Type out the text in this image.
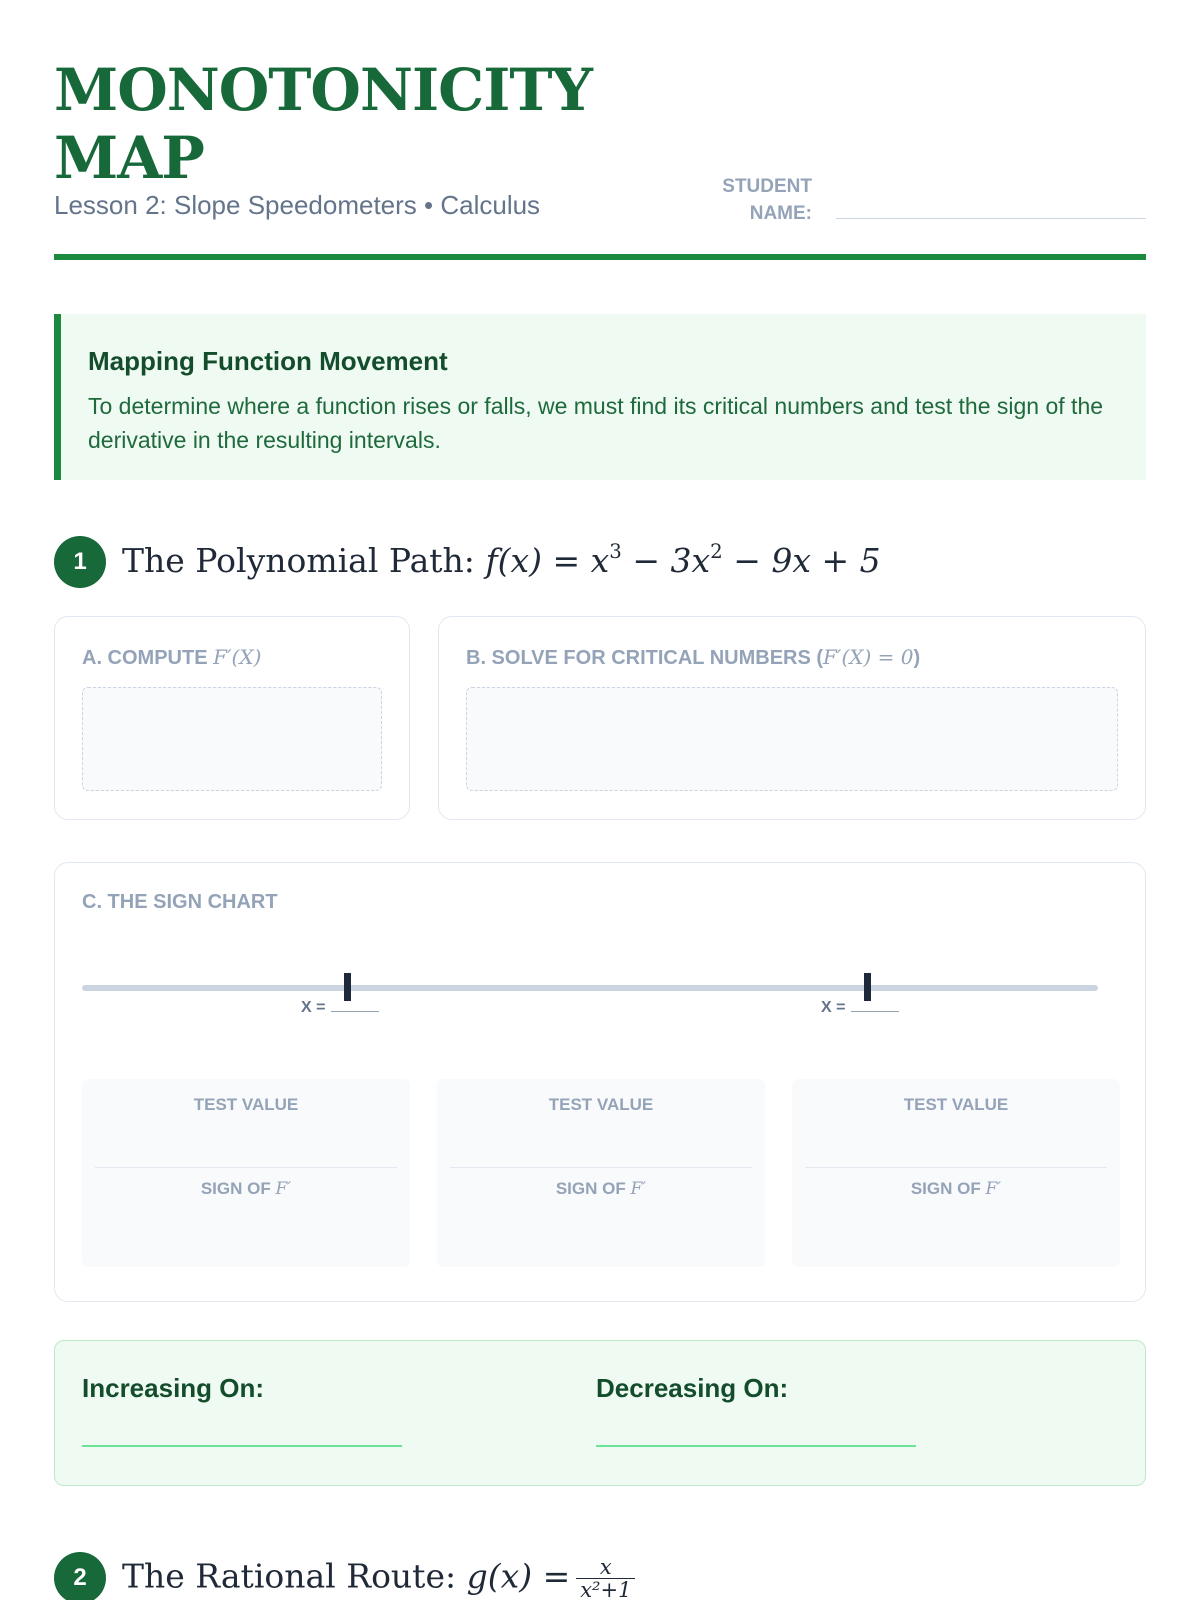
MONOTONICITY
MAP
Lesson 2: Slope Speedometers • Calculus
STUDENT
NAME:
Mapping Function Movement
To determine where a function rises or falls, we must find its critical numbers and test the sign of the derivative in the resulting intervals.
1	The Polynomial Path: $f(x) = x^3 - 3x^2 - 9x + 5$
A. COMPUTE F′(X)	B. SOLVE FOR CRITICAL NUMBERS (F′(X) = 0)
C. THE SIGN CHART
X =	X =
TEST VALUE
SIGN OF F′
TEST VALUE
SIGN OF F′
TEST VALUE
SIGN OF F′
Increasing On:	Decreasing On:
2	The Rational Route: $g(x) = \frac{x}{\text{x²+1}}$
